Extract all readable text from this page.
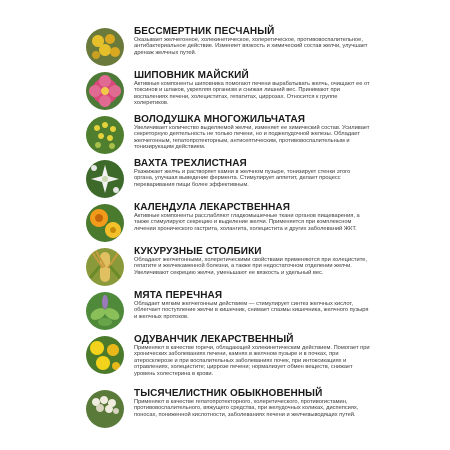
БЕССМЕРТНИК ПЕСЧАНЫЙ
Оказывает желчегонное, холекинетическое, холеретическое, противовоспалительное, антибактериальное действие. Изменяет вязкость и химический состав желчи, улучшает дренаж желчных путей.
ШИПОВНИК МАЙСКИЙ
Активные компоненты шиповника помогают печени вырабатывать желчь, очищают ее от токсинов и шлаков, укрепляя организм и снижая лишний вес. Принимают при воспалениях печени, холециститах, гепатитах, циррозах. Относится к группе холеретиков.
ВОЛОДУШКА МНОГОЖИЛЬЧАТАЯ
Увеличивает количество выделяемой желчи, изменяет ее химический состав. Усиливает секреторную деятельность не только печени, но и поджелудочной железы. Обладает желчегонным, гепатопротекторным, антисептическим, противовоспалительным и тонизирующим действием.
ВАХТА ТРЕХЛИСТНАЯ
Разжижает желчь и растворяет камни в желчном пузыре, тонизирует стенки этого органа, улучшая выведение фермента. Стимулирует аппетит, делает процесс переваривания пищи более эффективным.
КАЛЕНДУЛА ЛЕКАРСТВЕННАЯ
Активные компоненты расслабляют гладкомышечные ткани органов пищеварения, а также стимулируют секрецию и выделение желчи. Применяется при комплексном лечении хронического гастрита, холангита, холецистита и других заболеваний ЖКТ.
КУКУРУЗНЫЕ СТОЛБИКИ
Обладают желчегонными, холеретическими свойствами применяются при холецистите, гепатите и желчекаменной болезни, а также при недостаточном отделении желчи. Увеличивают секрецию желчи, уменьшают ее вязкость и удельный вес.
МЯТА ПЕРЕЧНАЯ
Обладает мягким желчегонным действием — стимулирует синтез желчных кислот, облегчает поступление желчи в кишечник, снимает спазмы кишечника, желчного пузыря и желчных протоков.
ОДУВАНЧИК ЛЕКАРСТВЕННЫЙ
Применяют в качестве горечи, обладающей холекинетическим действием. Помогает при хронических заболеваниях печени, камнях в желчном пузыре и в почках, при атеросклерозе и при воспалительных заболеваниях почек, при интоксикациях и отравлениях, холецистите; циррозе печени; нормализует обмен веществ, снижает уровень холестерина в крови.
ТЫСЯЧЕЛИСТНИК ОБЫКНОВЕННЫЙ
Применяют в качестве гепатопротекторного, холеретического, противогистамин, противовоспалительного, вяжущего средства, при желудочных коликах, диспепсиях, поносах, пониженной кислотности, заболеваниях печени и желчевыводящих путей.
